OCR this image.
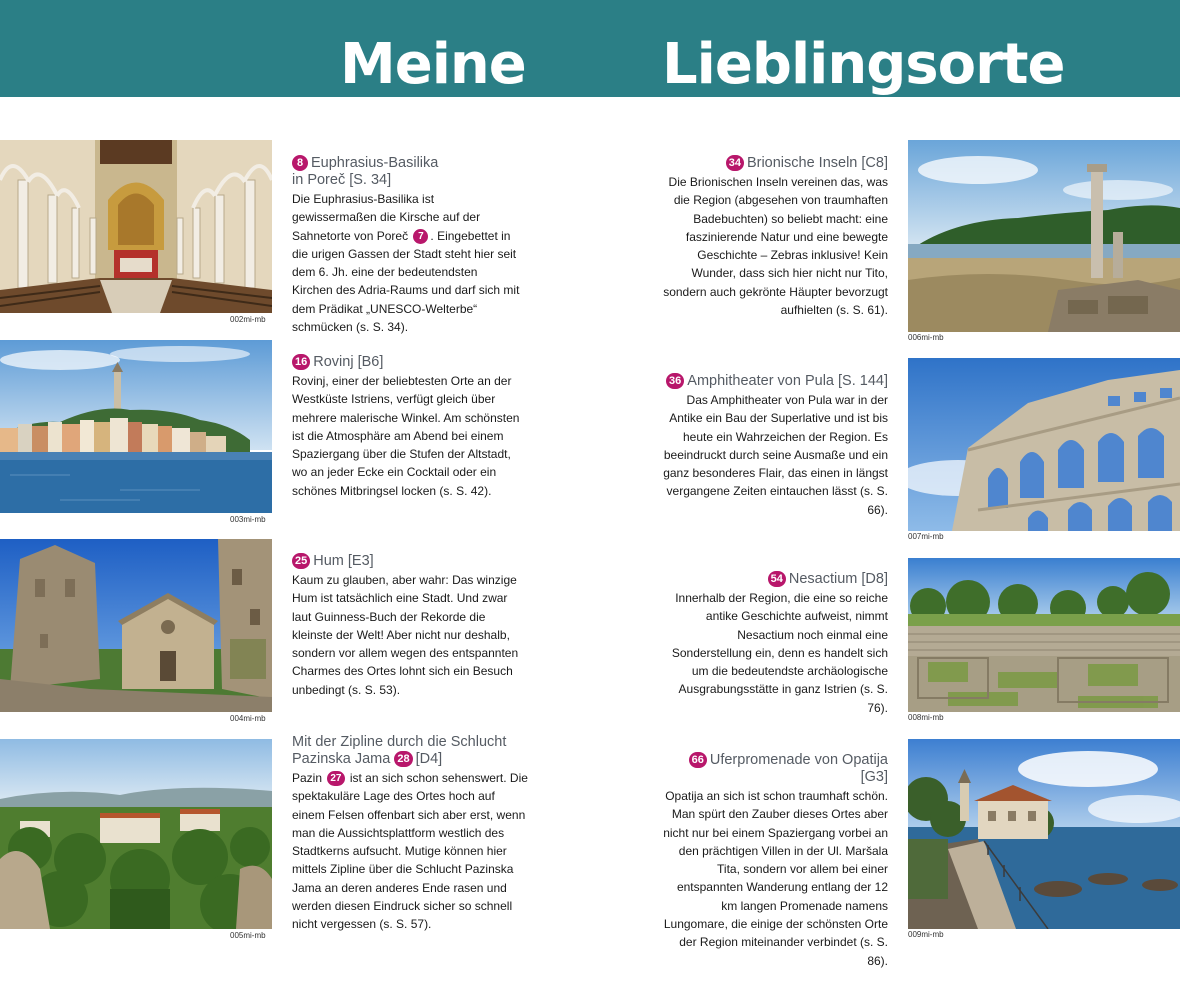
Meine Lieblingsorte
002mi-mb

8 Euphrasius-Basilika
in Poreč [S. 34]

Die Euphrasius-Basilika ist gewissermaßen die Kirsche auf der Sahnetorte von Poreč 7 . Eingebettet in die urigen Gassen der Stadt steht hier seit dem 6. Jh. eine der bedeutendsten Kirchen des Adria-Raums und darf sich mit dem Prädikat „UNESCO-Welterbe“ schmücken (s. S. 34).

003mi-mb

16 Rovinj [B6]

Rovinj, einer der beliebtesten Orte an der Westküste Istriens, verfügt gleich über mehrere malerische Winkel. Am schönsten ist die Atmosphäre am Abend bei einem Spaziergang über die Stufen der Altstadt, wo an jeder Ecke ein Cocktail oder ein schönes Mitbringsel locken (s. S. 42).

004mi-mb

25 Hum [E3]

Kaum zu glauben, aber wahr: Das winzige Hum ist tatsächlich eine Stadt. Und zwar laut Guinness-Buch der Rekorde die kleinste der Welt! Aber nicht nur deshalb, sondern vor allem wegen des entspannten Charmes des Ortes lohnt sich ein Besuch unbedingt (s. S. 53).

005mi-mb

Mit der Zipline durch die Schlucht
Pazinska Jama 28 [D4]

Pazin 27 ist an sich schon sehenswert. Die spektakuläre Lage des Ortes hoch auf einem Felsen offenbart sich aber erst, wenn man die Aussichtsplattform westlich des Stadtkerns aufsucht. Mutige können hier mittels Zipline über die Schlucht Pazinska Jama an deren anderes Ende rasen und werden diesen Eindruck sicher so schnell nicht vergessen (s. S. 57).

34 Brionische Inseln [C8]

Die Brionischen Inseln vereinen das, was die Region (abgesehen von traumhaften Badebuchten) so beliebt macht: eine faszinierende Natur und eine bewegte Geschichte – Zebras inklusive! Kein Wunder, dass sich hier nicht nur Tito, sondern auch gekrönte Häupter bevorzugt aufhielten (s. S. 61).

006mi-mb

36 Amphitheater von Pula [S. 144]

Das Amphitheater von Pula war in der Antike ein Bau der Superlative und ist bis heute ein Wahrzeichen der Region. Es beeindruckt durch seine Ausmaße und ein ganz besonderes Flair, das einen in längst vergangene Zeiten eintauchen lässt (s. S. 66).

007mi-mb

54 Nesactium [D8]

Innerhalb der Region, die eine so reiche antike Geschichte aufweist, nimmt Nesactium noch einmal eine Sonderstellung ein, denn es handelt sich um die bedeutendste archäologische Ausgrabungsstätte in ganz Istrien (s. S. 76).

008mi-mb

66 Uferpromenade von Opatija [G3]

Opatija an sich ist schon traumhaft schön. Man spürt den Zauber dieses Ortes aber nicht nur bei einem Spaziergang vorbei an den prächtigen Villen in der Ul. Maršala Tita, sondern vor allem bei einer entspannten Wanderung entlang der 12 km langen Promenade namens Lungomare, die einige der schönsten Orte der Region miteinander verbindet (s. S. 86).

009mi-mb
